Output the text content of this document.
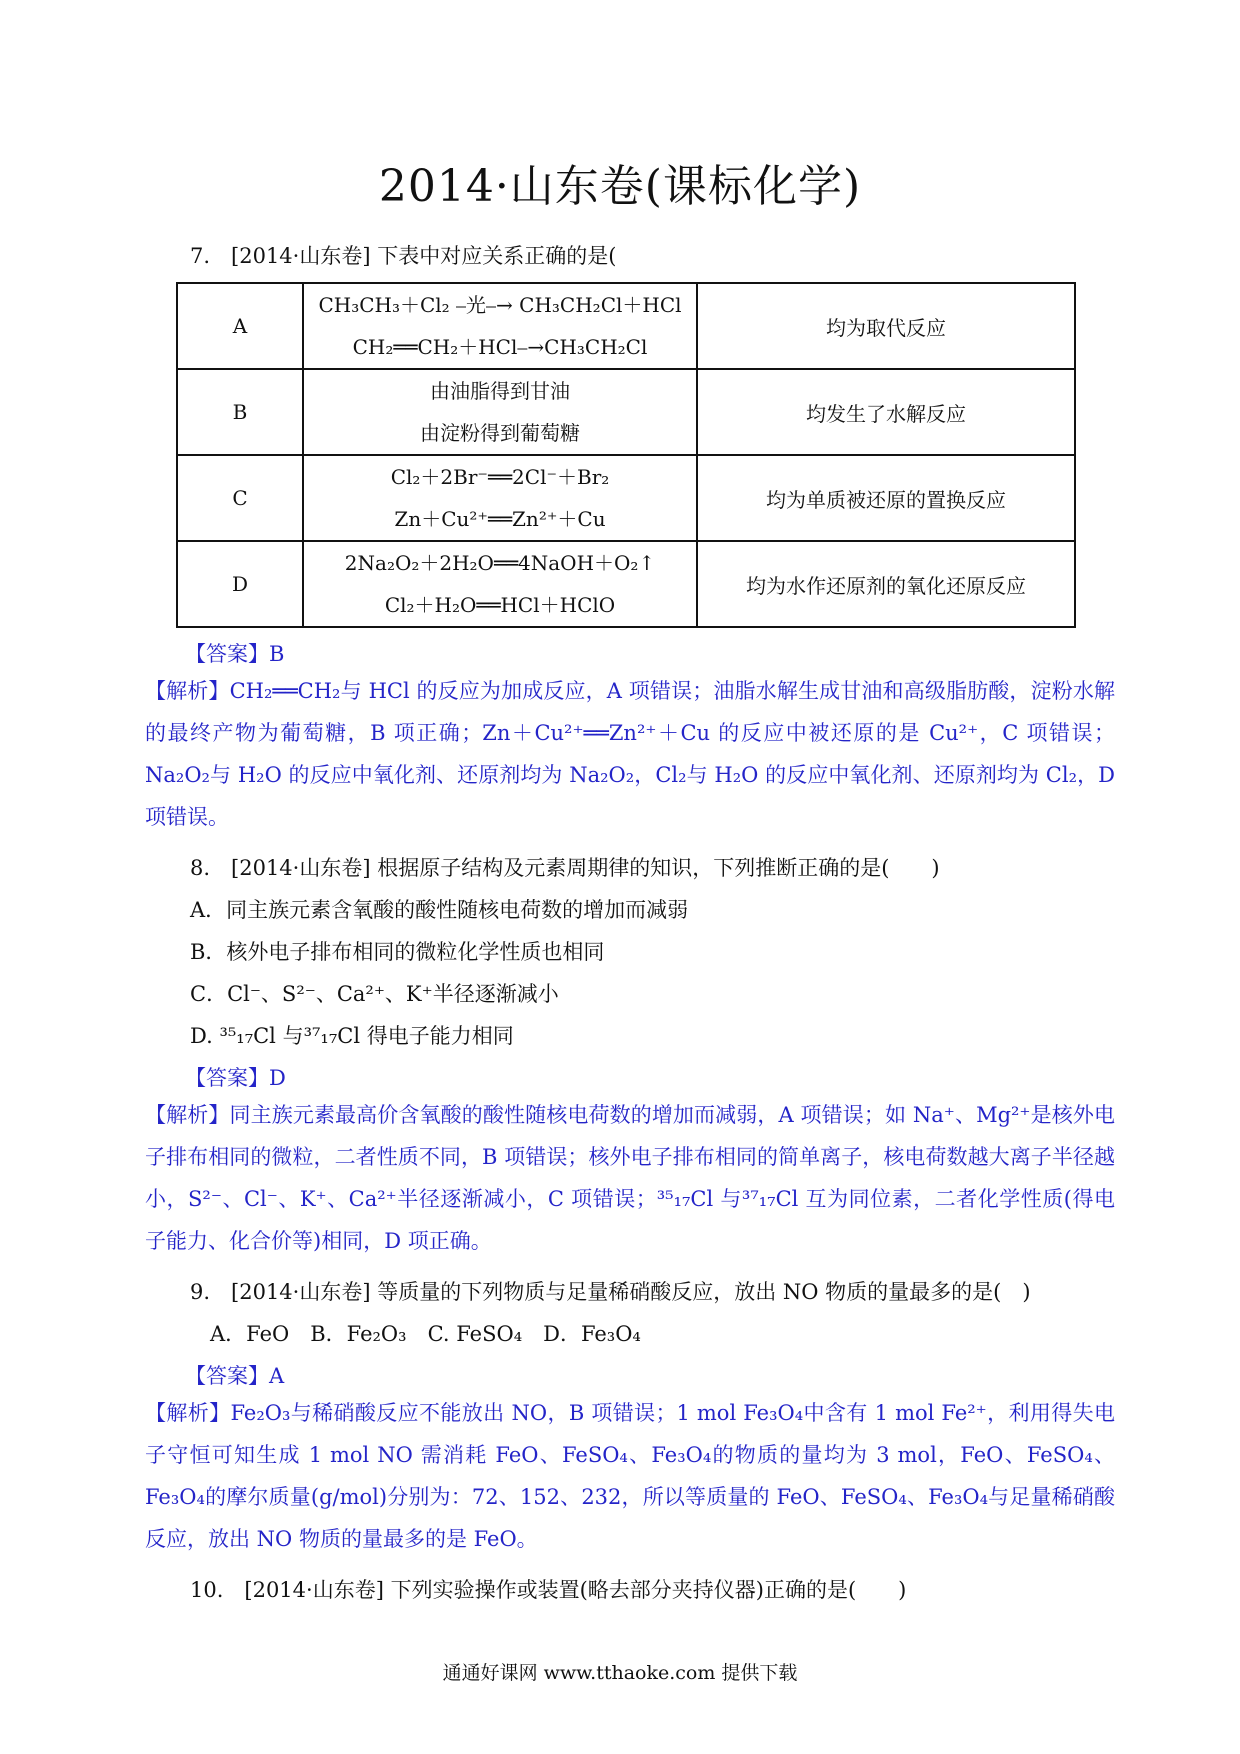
2014·山东卷(课标化学)
7.　[2014·山东卷] 下表中对应关系正确的是(
A	CH₃CH₃＋Cl₂ ⎯光⎯→ CH₃CH₂Cl＋HCl
CH₂══CH₂＋HCl⎯→CH₃CH₂Cl	均为取代反应
B	由油脂得到甘油
由淀粉得到葡萄糖	均发生了水解反应
C	Cl₂＋2Br⁻══2Cl⁻＋Br₂
Zn＋Cu²⁺══Zn²⁺＋Cu	均为单质被还原的置换反应
D	2Na₂O₂＋2H₂O══4NaOH＋O₂↑
Cl₂＋H₂O══HCl＋HClO	均为水作还原剂的氧化还原反应
【答案】B
【解析】CH₂══CH₂与 HCl 的反应为加成反应，A 项错误；油脂水解生成甘油和高级脂肪酸，淀粉水解的最终产物为葡萄糖，B 项正确；Zn＋Cu²⁺══Zn²⁺＋Cu 的反应中被还原的是 Cu²⁺，C 项错误；Na₂O₂与 H₂O 的反应中氧化剂、还原剂均为 Na₂O₂，Cl₂与 H₂O 的反应中氧化剂、还原剂均为 Cl₂，D 项错误。
8.　[2014·山东卷] 根据原子结构及元素周期律的知识，下列推断正确的是(　　)
A．同主族元素含氧酸的酸性随核电荷数的增加而减弱
B．核外电子排布相同的微粒化学性质也相同
C．Cl⁻、S²⁻、Ca²⁺、K⁺半径逐渐减小
D. ³⁵₁₇Cl 与³⁷₁₇Cl 得电子能力相同
【答案】D
【解析】同主族元素最高价含氧酸的酸性随核电荷数的增加而减弱，A 项错误；如 Na⁺、Mg²⁺是核外电子排布相同的微粒，二者性质不同，B 项错误；核外电子排布相同的简单离子，核电荷数越大离子半径越小，S²⁻、Cl⁻、K⁺、Ca²⁺半径逐渐减小，C 项错误；³⁵₁₇Cl 与³⁷₁₇Cl 互为同位素，二者化学性质(得电子能力、化合价等)相同，D 项正确。
9.　[2014·山东卷] 等质量的下列物质与足量稀硝酸反应，放出 NO 物质的量最多的是(　)
A．FeO　B．Fe₂O₃　C. FeSO₄　D．Fe₃O₄
【答案】A
【解析】Fe₂O₃与稀硝酸反应不能放出 NO，B 项错误；1 mol Fe₃O₄中含有 1 mol Fe²⁺，利用得失电子守恒可知生成 1 mol NO 需消耗 FeO、FeSO₄、Fe₃O₄的物质的量均为 3 mol，FeO、FeSO₄、Fe₃O₄的摩尔质量(g/mol)分别为：72、152、232，所以等质量的 FeO、FeSO₄、Fe₃O₄与足量稀硝酸反应，放出 NO 物质的量最多的是 FeO。
10.　[2014·山东卷] 下列实验操作或装置(略去部分夹持仪器)正确的是(　　)
通通好课网 www.tthaoke.com 提供下载
